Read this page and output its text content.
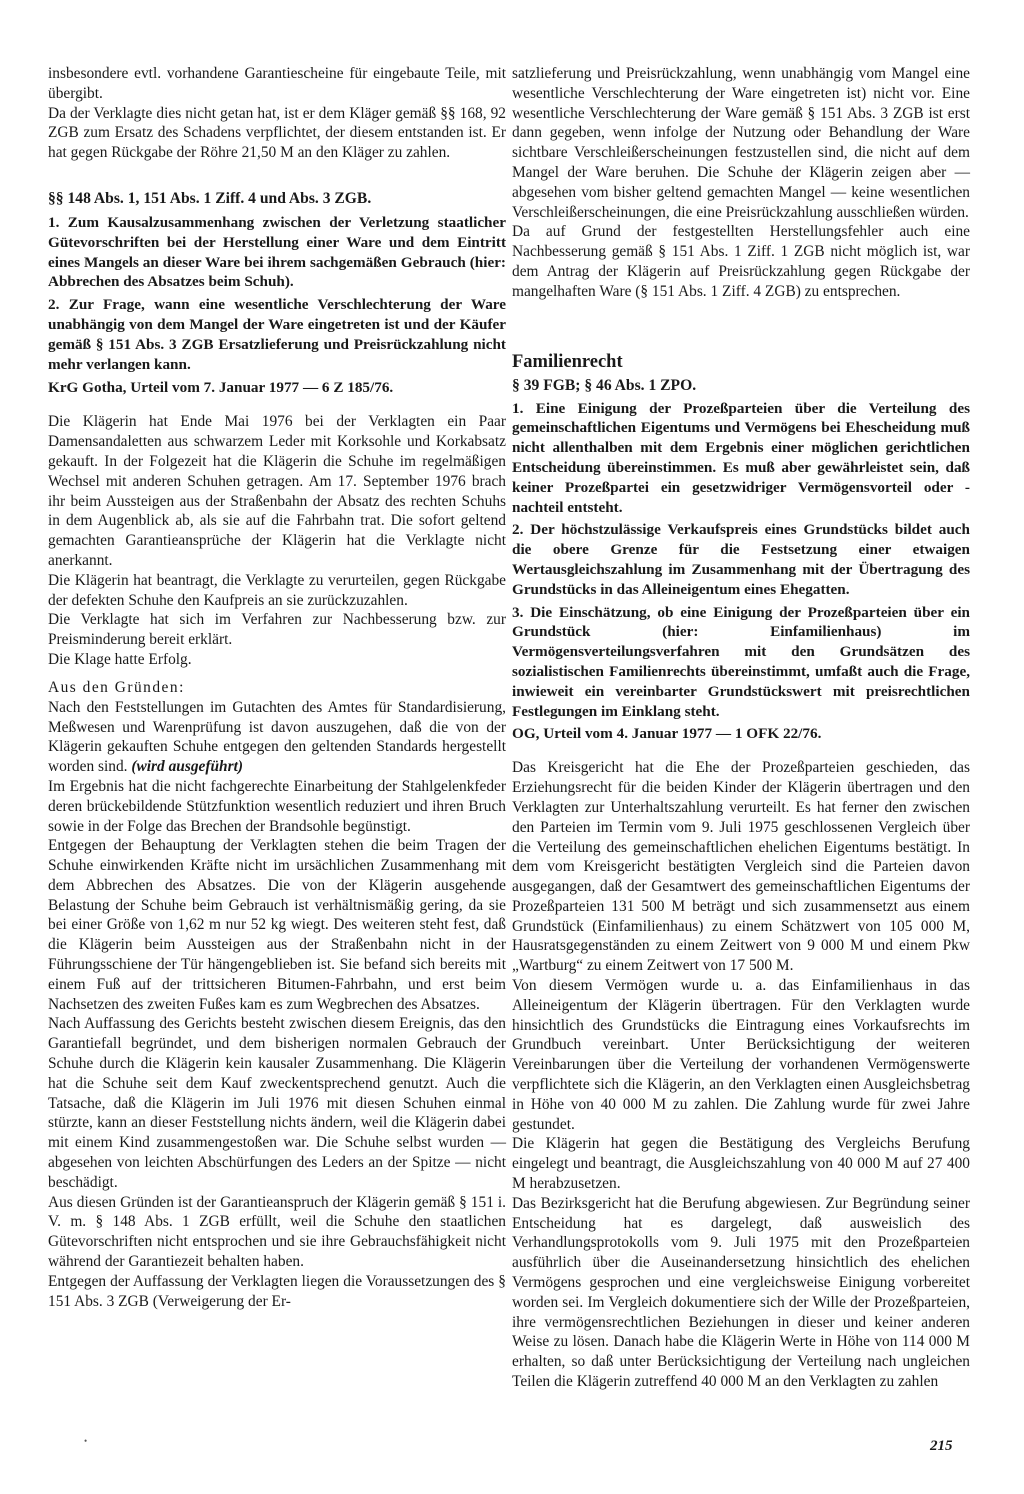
insbesondere evtl. vorhandene Garantiescheine für eingebaute Teile, mit übergibt.

Da der Verklagte dies nicht getan hat, ist er dem Kläger gemäß §§ 168, 92 ZGB zum Ersatz des Schadens verpflichtet, der diesem entstanden ist. Er hat gegen Rückgabe der Röhre 21,50 M an den Kläger zu zahlen.

§§ 148 Abs. 1, 151 Abs. 1 Ziff. 4 und Abs. 3 ZGB.

1. Zum Kausalzusammenhang zwischen der Verletzung staatlicher Gütevorschriften bei der Herstellung einer Ware und dem Eintritt eines Mangels an dieser Ware bei ihrem sachgemäßen Gebrauch (hier: Abbrechen des Absatzes beim Schuh).

2. Zur Frage, wann eine wesentliche Verschlechterung der Ware unabhängig von dem Mangel der Ware eingetreten ist und der Käufer gemäß § 151 Abs. 3 ZGB Ersatzlieferung und Preisrückzahlung nicht mehr verlangen kann.

KrG Gotha, Urteil vom 7. Januar 1977 — 6 Z 185/76.

Die Klägerin hat Ende Mai 1976 bei der Verklagten ein Paar Damensandaletten aus schwarzem Leder mit Korksohle und Korkabsatz gekauft. In der Folgezeit hat die Klägerin die Schuhe im regelmäßigen Wechsel mit anderen Schuhen getragen. Am 17. September 1976 brach ihr beim Aussteigen aus der Straßenbahn der Absatz des rechten Schuhs in dem Augenblick ab, als sie auf die Fahrbahn trat. Die sofort geltend gemachten Garantieansprüche der Klägerin hat die Verklagte nicht anerkannt.

Die Klägerin hat beantragt, die Verklagte zu verurteilen, gegen Rückgabe der defekten Schuhe den Kaufpreis an sie zurückzuzahlen.

Die Verklagte hat sich im Verfahren zur Nachbesserung bzw. zur Preisminderung bereit erklärt.

Die Klage hatte Erfolg.

Aus den Gründen:

Nach den Feststellungen im Gutachten des Amtes für Standardisierung, Meßwesen und Warenprüfung ist davon auszugehen, daß die von der Klägerin gekauften Schuhe entgegen den geltenden Standards hergestellt worden sind. (wird ausgeführt)

Im Ergebnis hat die nicht fachgerechte Einarbeitung der Stahlgelenkfeder deren brückebildende Stützfunktion wesentlich reduziert und ihren Bruch sowie in der Folge das Brechen der Brandsohle begünstigt.

Entgegen der Behauptung der Verklagten stehen die beim Tragen der Schuhe einwirkenden Kräfte nicht im ursächlichen Zusammenhang mit dem Abbrechen des Absatzes. Die von der Klägerin ausgehende Belastung der Schuhe beim Gebrauch ist verhältnismäßig gering, da sie bei einer Größe von 1,62 m nur 52 kg wiegt. Des weiteren steht fest, daß die Klägerin beim Aussteigen aus der Straßenbahn nicht in der Führungsschiene der Tür hängengeblieben ist. Sie befand sich bereits mit einem Fuß auf der trittsicheren Bitumen-Fahrbahn, und erst beim Nachsetzen des zweiten Fußes kam es zum Wegbrechen des Absatzes.

Nach Auffassung des Gerichts besteht zwischen diesem Ereignis, das den Garantiefall begründet, und dem bisherigen normalen Gebrauch der Schuhe durch die Klägerin kein kausaler Zusammenhang. Die Klägerin hat die Schuhe seit dem Kauf zweckentsprechend genutzt. Auch die Tatsache, daß die Klägerin im Juli 1976 mit diesen Schuhen einmal stürzte, kann an dieser Feststellung nichts ändern, weil die Klägerin dabei mit einem Kind zusammengestoßen war. Die Schuhe selbst wurden — abgesehen von leichten Abschürfungen des Leders an der Spitze — nicht beschädigt.

Aus diesen Gründen ist der Garantieanspruch der Klägerin gemäß § 151 i. V. m. § 148 Abs. 1 ZGB erfüllt, weil die Schuhe den staatlichen Gütevorschriften nicht entsprochen und sie ihre Gebrauchsfähigkeit nicht während der Garantiezeit behalten haben.

Entgegen der Auffassung der Verklagten liegen die Voraussetzungen des § 151 Abs. 3 ZGB (Verweigerung der Er-

satzlieferung und Preisrückzahlung, wenn unabhängig vom Mangel eine wesentliche Verschlechterung der Ware eingetreten ist) nicht vor. Eine wesentliche Verschlechterung der Ware gemäß § 151 Abs. 3 ZGB ist erst dann gegeben, wenn infolge der Nutzung oder Behandlung der Ware sichtbare Verschleißerscheinungen festzustellen sind, die nicht auf dem Mangel der Ware beruhen. Die Schuhe der Klägerin zeigen aber — abgesehen vom bisher geltend gemachten Mangel — keine wesentlichen Verschleißerscheinungen, die eine Preisrückzahlung ausschließen würden.

Da auf Grund der festgestellten Herstellungsfehler auch eine Nachbesserung gemäß § 151 Abs. 1 Ziff. 1 ZGB nicht möglich ist, war dem Antrag der Klägerin auf Preisrückzahlung gegen Rückgabe der mangelhaften Ware (§ 151 Abs. 1 Ziff. 4 ZGB) zu entsprechen.

Familienrecht

§ 39 FGB; § 46 Abs. 1 ZPO.

1. Eine Einigung der Prozeßparteien über die Verteilung des gemeinschaftlichen Eigentums und Vermögens bei Ehescheidung muß nicht allenthalben mit dem Ergebnis einer möglichen gerichtlichen Entscheidung übereinstimmen. Es muß aber gewährleistet sein, daß keiner Prozeßpartei ein gesetzwidriger Vermögensvorteil oder -nachteil entsteht.

2. Der höchstzulässige Verkaufspreis eines Grundstücks bildet auch die obere Grenze für die Festsetzung einer etwaigen Wertausgleichszahlung im Zusammenhang mit der Übertragung des Grundstücks in das Alleineigentum eines Ehegatten.

3. Die Einschätzung, ob eine Einigung der Prozeßparteien über ein Grundstück (hier: Einfamilienhaus) im Vermögensverteilungsverfahren mit den Grundsätzen des sozialistischen Familienrechts übereinstimmt, umfaßt auch die Frage, inwieweit ein vereinbarter Grundstückswert mit preisrechtlichen Festlegungen im Einklang steht.

OG, Urteil vom 4. Januar 1977 — 1 OFK 22/76.

Das Kreisgericht hat die Ehe der Prozeßparteien geschieden, das Erziehungsrecht für die beiden Kinder der Klägerin übertragen und den Verklagten zur Unterhaltszahlung verurteilt. Es hat ferner den zwischen den Parteien im Termin vom 9. Juli 1975 geschlossenen Vergleich über die Verteilung des gemeinschaftlichen ehelichen Eigentums bestätigt. In dem vom Kreisgericht bestätigten Vergleich sind die Parteien davon ausgegangen, daß der Gesamtwert des gemeinschaftlichen Eigentums der Prozeßparteien 131 500 M beträgt und sich zusammensetzt aus einem Grundstück (Einfamilienhaus) zu einem Schätzwert von 105 000 M, Hausratsgegenständen zu einem Zeitwert von 9 000 M und einem Pkw „Wartburg“ zu einem Zeitwert von 17 500 M.

Von diesem Vermögen wurde u. a. das Einfamilienhaus in das Alleineigentum der Klägerin übertragen. Für den Verklagten wurde hinsichtlich des Grundstücks die Eintragung eines Vorkaufsrechts im Grundbuch vereinbart. Unter Berücksichtigung der weiteren Vereinbarungen über die Verteilung der vorhandenen Vermögenswerte verpflichtete sich die Klägerin, an den Verklagten einen Ausgleichsbetrag in Höhe von 40 000 M zu zahlen. Die Zahlung wurde für zwei Jahre gestundet.

Die Klägerin hat gegen die Bestätigung des Vergleichs Berufung eingelegt und beantragt, die Ausgleichszahlung von 40 000 M auf 27 400 M herabzusetzen.

Das Bezirksgericht hat die Berufung abgewiesen. Zur Begründung seiner Entscheidung hat es dargelegt, daß ausweislich des Verhandlungsprotokolls vom 9. Juli 1975 mit den Prozeßparteien ausführlich über die Auseinandersetzung hinsichtlich des ehelichen Vermögens gesprochen und eine vergleichsweise Einigung vorbereitet worden sei. Im Vergleich dokumentiere sich der Wille der Prozeßparteien, ihre vermögensrechtlichen Beziehungen in dieser und keiner anderen Weise zu lösen. Danach habe die Klägerin Werte in Höhe von 114 000 M erhalten, so daß unter Berücksichtigung der Verteilung nach ungleichen Teilen die Klägerin zutreffend 40 000 M an den Verklagten zu zahlen

•	215
